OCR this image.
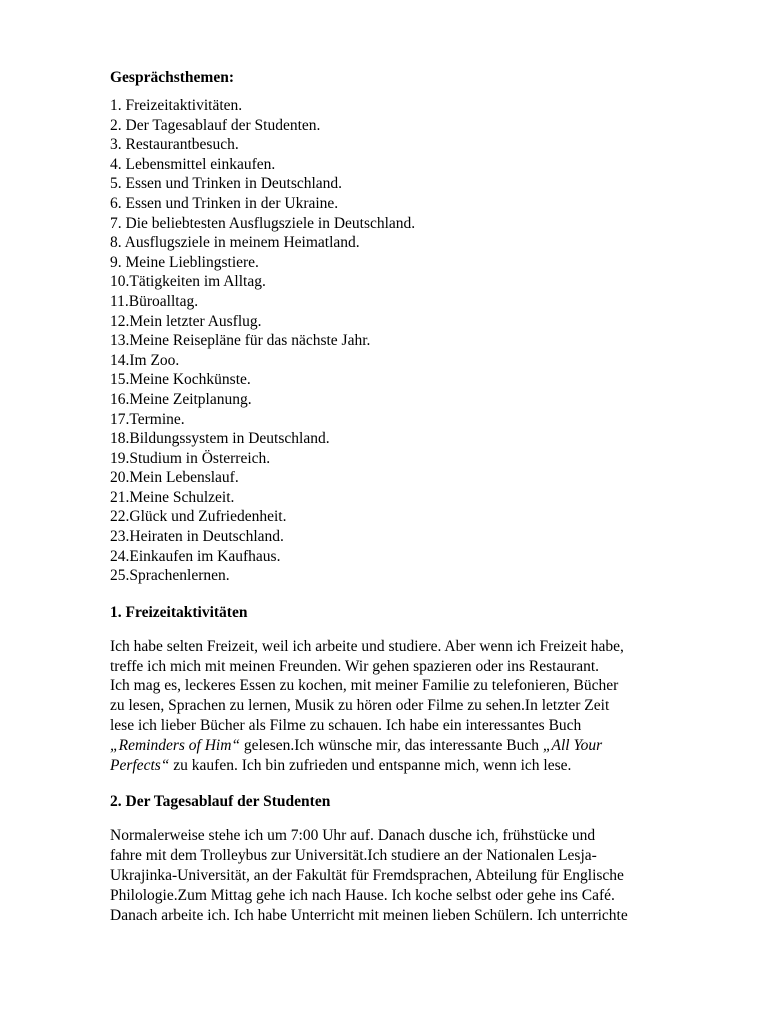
Gesprächsthemen:

1. Freizeitaktivitäten.
2. Der Tagesablauf der Studenten.
3. Restaurantbesuch.
4. Lebensmittel einkaufen.
5. Essen und Trinken in Deutschland.
6. Essen und Trinken in der Ukraine.
7. Die beliebtesten Ausflugsziele in Deutschland.
8. Ausflugsziele in meinem Heimatland.
9. Meine Lieblingstiere.
10.Tätigkeiten im Alltag.
11.Büroalltag.
12.Mein letzter Ausflug.
13.Meine Reisepläne für das nächste Jahr.
14.Im Zoo.
15.Meine Kochkünste.
16.Meine Zeitplanung.
17.Termine.
18.Bildungssystem in Deutschland.
19.Studium in Österreich.
20.Mein Lebenslauf.
21.Meine Schulzeit.
22.Glück und Zufriedenheit.
23.Heiraten in Deutschland.
24.Einkaufen im Kaufhaus.
25.Sprachenlernen.

1. Freizeitaktivitäten

Ich habe selten Freizeit, weil ich arbeite und studiere. Aber wenn ich Freizeit habe,
treffe ich mich mit meinen Freunden. Wir gehen spazieren oder ins Restaurant.
Ich mag es, leckeres Essen zu kochen, mit meiner Familie zu telefonieren, Bücher
zu lesen, Sprachen zu lernen, Musik zu hören oder Filme zu sehen.In letzter Zeit
lese ich lieber Bücher als Filme zu schauen. Ich habe ein interessantes Buch
„Reminders of Him“ gelesen.Ich wünsche mir, das interessante Buch „All Your
Perfects“ zu kaufen. Ich bin zufrieden und entspanne mich, wenn ich lese.

2. Der Tagesablauf der Studenten

Normalerweise stehe ich um 7:00 Uhr auf. Danach dusche ich, frühstücke und
fahre mit dem Trolleybus zur Universität.Ich studiere an der Nationalen Lesja-
Ukrajinka-Universität, an der Fakultät für Fremdsprachen, Abteilung für Englische
Philologie.Zum Mittag gehe ich nach Hause. Ich koche selbst oder gehe ins Café.
Danach arbeite ich. Ich habe Unterricht mit meinen lieben Schülern. Ich unterrichte
